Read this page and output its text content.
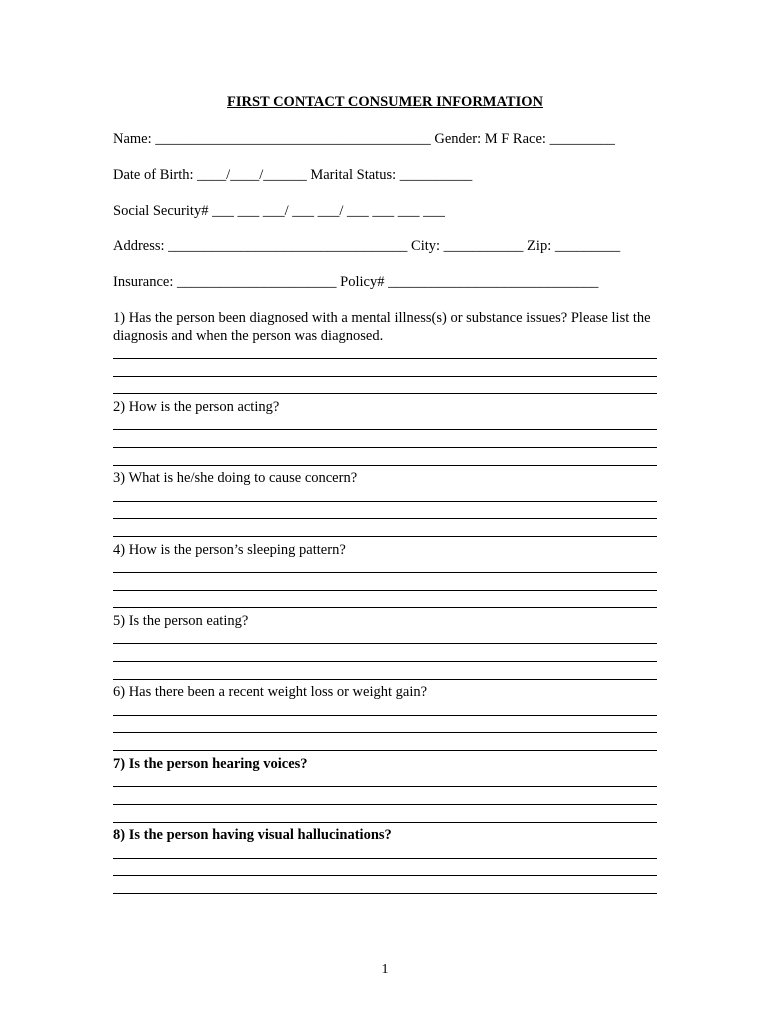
FIRST CONTACT CONSUMER INFORMATION
Name: ______________________________________ Gender: M F Race: _________
Date of Birth: ____/____/______ Marital Status: __________
Social Security# ___ ___ ___/ ___ ___/ ___ ___ ___ ___
Address: _________________________________ City: ___________ Zip: _________
Insurance: ______________________ Policy# _____________________________
1) Has the person been diagnosed with a mental illness(s) or substance issues? Please list the diagnosis and when the person was diagnosed.
2) How is the person acting?
3) What is he/she doing to cause concern?
4) How is the person’s sleeping pattern?
5) Is the person eating?
6) Has there been a recent weight loss or weight gain?
7) Is the person hearing voices?
8) Is the person having visual hallucinations?
1
